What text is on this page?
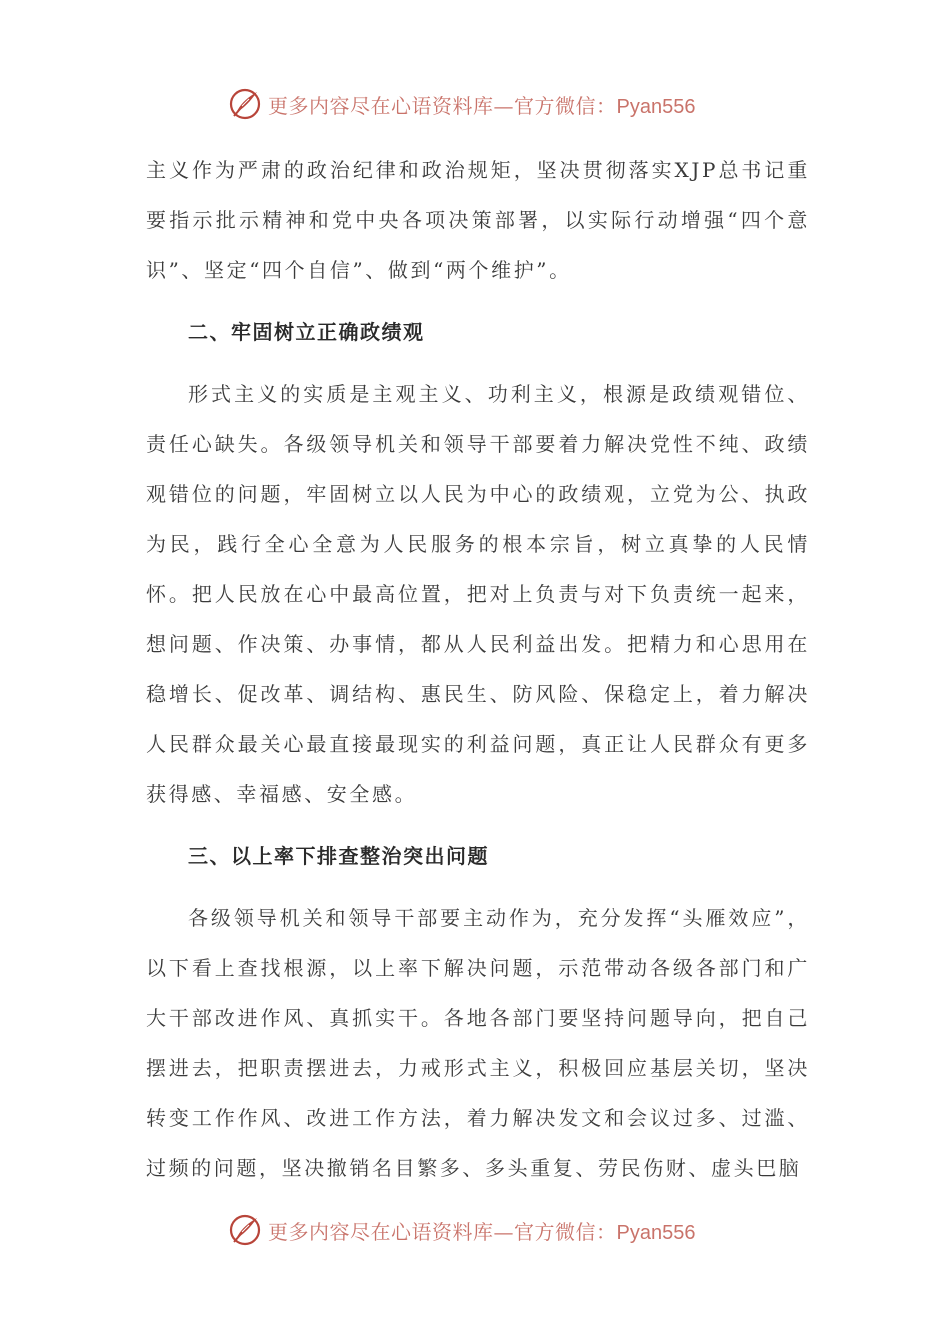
更多内容尽在心语资料库—官方微信：Pyan556

主义作为严肃的政治纪律和政治规矩，坚决贯彻落实XJP总书记重要指示批示精神和党中央各项决策部署，以实际行动增强“四个意识”、坚定“四个自信”、做到“两个维护”。

二、牢固树立正确政绩观

形式主义的实质是主观主义、功利主义，根源是政绩观错位、责任心缺失。各级领导机关和领导干部要着力解决党性不纯、政绩观错位的问题，牢固树立以人民为中心的政绩观，立党为公、执政为民，践行全心全意为人民服务的根本宗旨，树立真挚的人民情怀。把人民放在心中最高位置，把对上负责与对下负责统一起来，想问题、作决策、办事情，都从人民利益出发。把精力和心思用在稳增长、促改革、调结构、惠民生、防风险、保稳定上，着力解决人民群众最关心最直接最现实的利益问题，真正让人民群众有更多获得感、幸福感、安全感。

三、以上率下排查整治突出问题

各级领导机关和领导干部要主动作为，充分发挥“头雁效应”，以下看上查找根源，以上率下解决问题，示范带动各级各部门和广大干部改进作风、真抓实干。各地各部门要坚持问题导向，把自己摆进去，把职责摆进去，力戒形式主义，积极回应基层关切，坚决转变工作作风、改进工作方法，着力解决发文和会议过多、过滥、过频的问题，坚决撤销名目繁多、多头重复、劳民伤财、虚头巴脑

更多内容尽在心语资料库—官方微信：Pyan556
